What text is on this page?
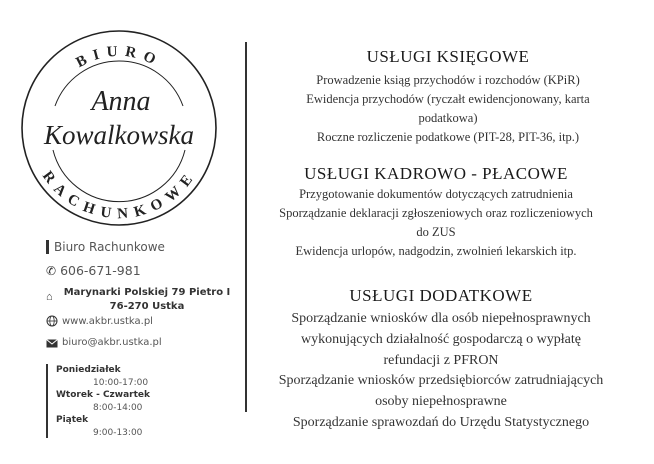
BIURO
RACHUNKOWE
Anna
Kowalkowska
Biuro Rachunkowe
✆ 606-671-981
⌂ Marynarki Polskiej 79 Pietro I
76-270 Ustka
www.akbr.ustka.pl
biuro@akbr.ustka.pl
Poniedziałek
10:00-17:00
Wtorek - Czwartek
8:00-14:00
Piątek
9:00-13:00
USŁUGI KSIĘGOWE
Prowadzenie ksiąg przychodów i rozchodów (KPiR)
Ewidencja przychodów (ryczałt ewidencjonowany, karta
podatkowa)
Roczne rozliczenie podatkowe (PIT-28, PIT-36, itp.)
USŁUGI KADROWO - PŁACOWE
Przygotowanie dokumentów dotyczących zatrudnienia
Sporządzanie deklaracji zgłoszeniowych oraz rozliczeniowych
do ZUS
Ewidencja urlopów, nadgodzin, zwolnień lekarskich itp.
USŁUGI DODATKOWE
Sporządzanie wniosków dla osób niepełnosprawnych
wykonujących działalność gospodarczą o wypłatę
refundacji z PFRON
Sporządzanie wniosków przedsiębiorców zatrudniających
osoby niepełnosprawne
Sporządzanie sprawozdań do Urzędu Statystycznego
